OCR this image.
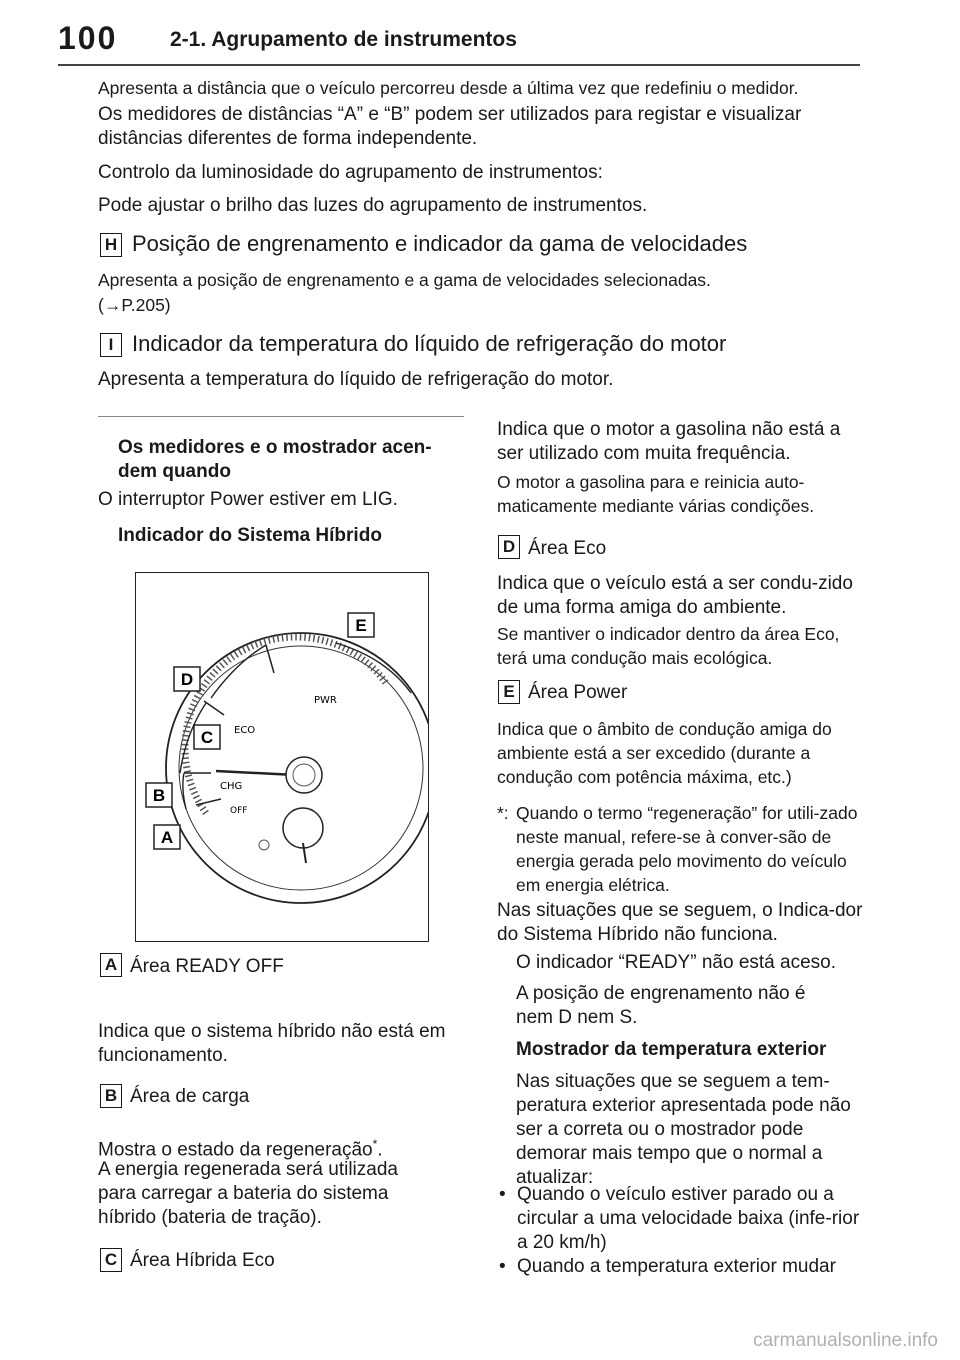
100	2-1. Agrupamento de instrumentos
Apresenta a distância que o veículo percorreu desde a última vez que redefiniu o medidor.
Os medidores de distâncias “A” e “B” podem ser utilizados para registar e visualizar distâncias diferentes de forma independente.
Controlo da luminosidade do agrupamento de instrumentos:
Pode ajustar o brilho das luzes do agrupamento de instrumentos.
H Posição de engrenamento e indicador da gama de velocidades
Apresenta a posição de engrenamento e a gama de velocidades selecionadas.
(→P.205)
I Indicador da temperatura do líquido de refrigeração do motor
Apresenta a temperatura do líquido de refrigeração do motor.
Os medidores e o mostrador acen-dem quando
O interruptor Power estiver em LIG.
Indicador do Sistema Híbrido
E
D
C
B
A
PWR
ECO
CHG
OFF
A Área READY OFF
Indica que o sistema híbrido não está em funcionamento.
B Área de carga
Mostra o estado da regeneração*.
A energia regenerada será utilizada para carregar a bateria do sistema híbrido (bateria de tração).
C Área Híbrida Eco
Indica que o motor a gasolina não está a ser utilizado com muita frequência.
O motor a gasolina para e reinicia auto-maticamente mediante várias condições.
D Área Eco
Indica que o veículo está a ser condu-zido de uma forma amiga do ambiente.
Se mantiver o indicador dentro da área Eco, terá uma condução mais ecológica.
E Área Power
Indica que o âmbito de condução amiga do ambiente está a ser excedido (durante a condução com potência máxima, etc.)
*: Quando o termo “regeneração” for utili-zado neste manual, refere-se à conver-são de energia gerada pelo movimento do veículo em energia elétrica.
Nas situações que se seguem, o Indica-dor do Sistema Híbrido não funciona.
O indicador “READY” não está aceso.
A posição de engrenamento não é nem D nem S.
Mostrador da temperatura exterior
Nas situações que se seguem a tem-peratura exterior apresentada pode não ser a correta ou o mostrador pode demorar mais tempo que o normal a atualizar:
• Quando o veículo estiver parado ou a circular a uma velocidade baixa (infe-rior a 20 km/h)
• Quando a temperatura exterior mudar
carmanualsonline.info
